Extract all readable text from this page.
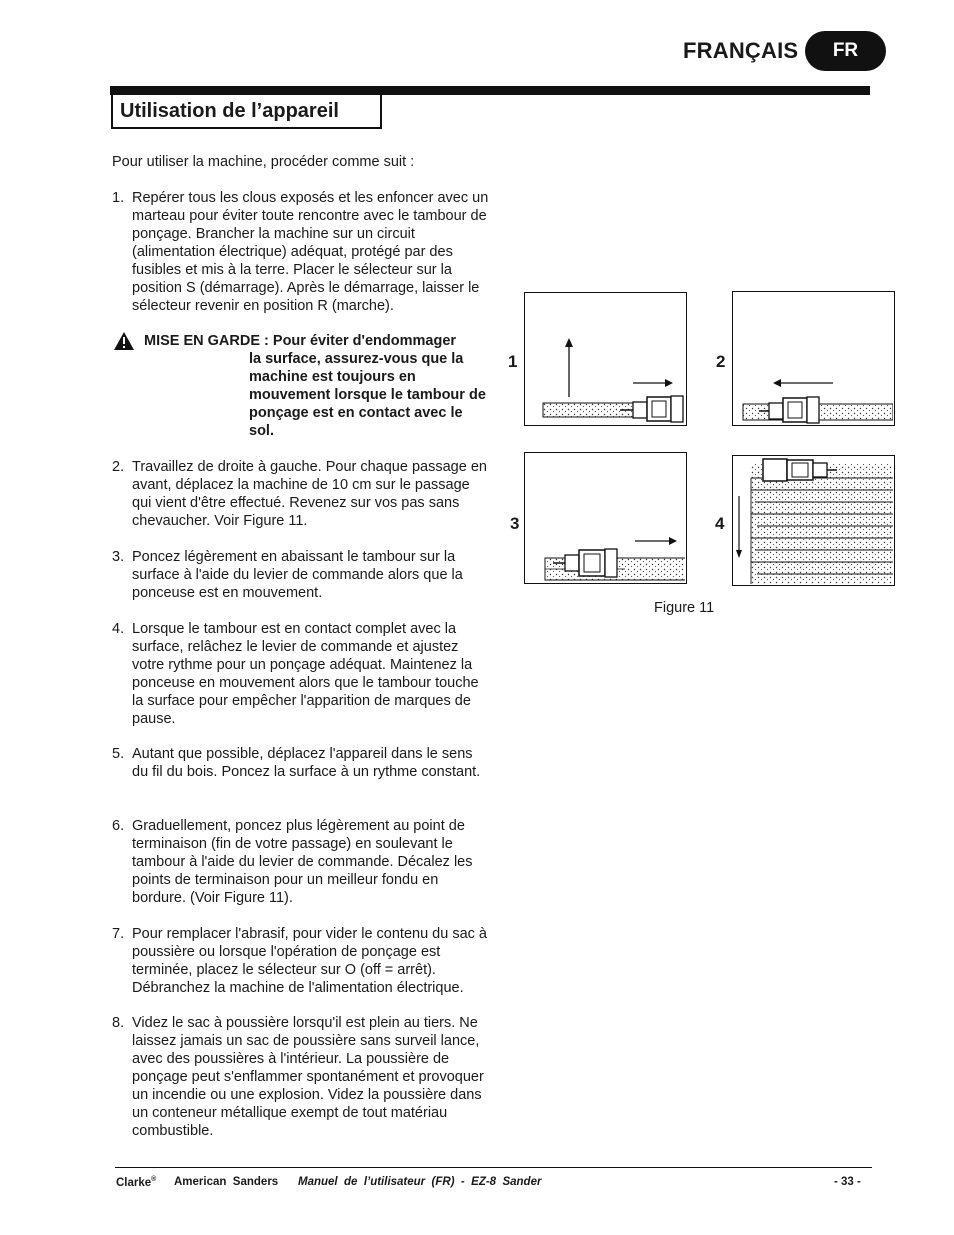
FRANÇAIS FR
Utilisation de l’appareil
Pour utiliser la machine, procéder comme suit :
1. Repérer tous les clous exposés et les enfoncer avec un marteau pour éviter toute rencontre avec le tambour de ponçage. Brancher la machine sur un circuit (alimentation électrique) adéquat, protégé par des fusibles et mis à la terre. Placer le sélecteur sur la position S (démarrage). Après le démarrage, laisser le sélecteur revenir en position R (marche).
MISE EN GARDE : Pour éviter d'endommager
la surface, assurez-vous que la machine est toujours en mouvement lorsque le tambour de ponçage est en contact avec le sol.
2. Travaillez de droite à gauche. Pour chaque passage en avant, déplacez la machine de 10 cm sur le passage qui vient d'être effectué. Revenez sur vos pas sans chevaucher. Voir Figure 11.
3. Poncez légèrement en abaissant le tambour sur la surface à l'aide du levier de commande alors que la ponceuse est en mouvement.
4. Lorsque le tambour est en contact complet avec la surface, relâchez le levier de commande et ajustez votre rythme pour un ponçage adéquat. Maintenez la ponceuse en mouvement alors que le tambour touche la surface pour empêcher l'apparition de marques de pause.
5. Autant que possible, déplacez l'appareil dans le sens du fil du bois. Poncez la surface à un rythme constant.
6. Graduellement, poncez plus légèrement au point de terminaison (fin de votre passage) en soulevant le tambour à l'aide du levier de commande. Décalez les points de terminaison pour un meilleur fondu en bordure. (Voir Figure 11).
7. Pour remplacer l'abrasif, pour vider le contenu du sac à poussière ou lorsque l'opération de ponçage est terminée, placez le sélecteur sur O (off = arrêt). Débranchez la machine de l'alimentation électrique.
8. Videz le sac à poussière lorsqu'il est plein au tiers. Ne laissez jamais un sac de poussière sans surveil lance, avec des poussières à l'intérieur. La poussière de ponçage peut s'enflammer spontanément et provoquer un incendie ou une explosion. Videz la poussière dans un conteneur métallique exempt de tout matériau combustible.
1	2
3	4
Figure 11
Clarke® American  Sanders Manuel  de  l’utilisateur  (FR)  -  EZ-8  Sander	- 33 -
